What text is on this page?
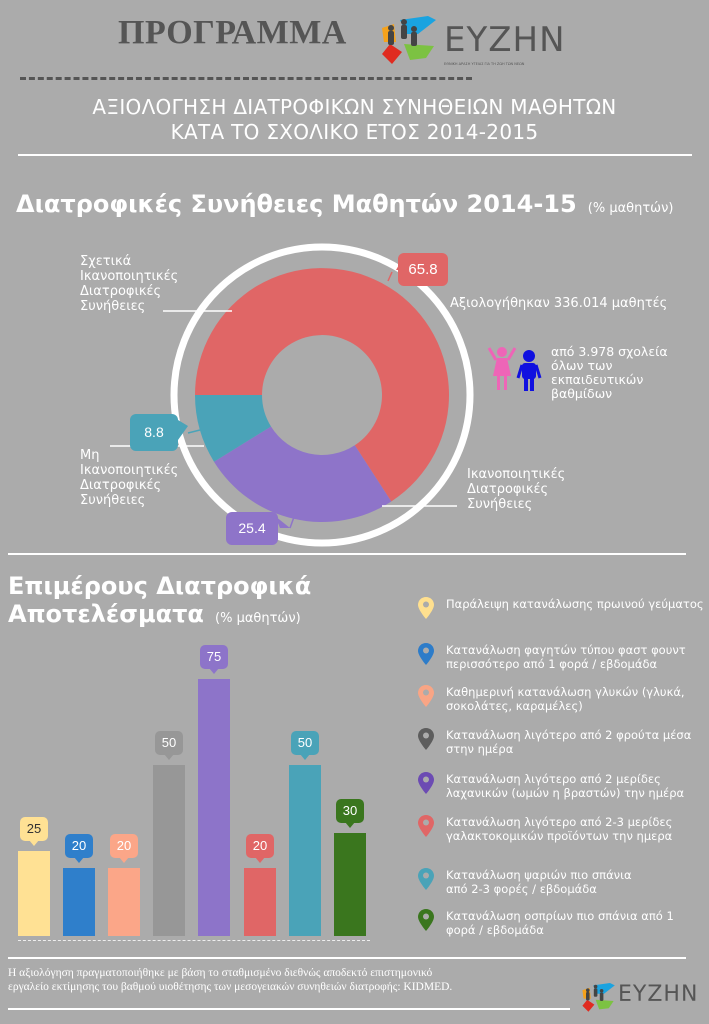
ΠΡΟΓΡΑΜΜΑ	ΕΥΖΗΝ
ΕΘΝΙΚΗ ΔΡΑΣΗ ΥΓΕΙΑΣ ΓΙΑ ΤΗ ΖΩΗ ΤΩΝ ΝΕΩΝ
ΑΞΙΟΛΟΓΗΣΗ ΔΙΑΤΡΟΦΙΚΩΝ ΣΥΝΗΘΕΙΩΝ ΜΑΘΗΤΩΝ
ΚΑΤΑ ΤΟ ΣΧΟΛΙΚΟ ΕΤΟΣ 2014-2015
Διατροφικές Συνήθειες Μαθητών 2014-15 (% μαθητών)
Σχετικά
Ικανοποιητικές
Διατροφικές
Συνήθειες
Μη
Ικανοποιητικές
Διατροφικές
Συνήθειες
Ικανοποιητικές
Διατροφικές
Συνήθειες
65.8
8.8
25.4
Αξιολογήθηκαν 336.014 μαθητές
από 3.978 σχολεία
όλων των
εκπαιδευτικών
βαθμίδων
Επιμέρους Διατροφικά
Αποτελέσματα (% μαθητών)
25
20	20
50
75
20
50
30
Παράλειψη κατανάλωσης πρωινού γεύματος
Κατανάλωση φαγητών τύπου φαστ φουντ περισσότερο από 1 φορά / εβδομάδα
Καθημερινή κατανάλωση γλυκών (γλυκά, σοκολάτες, καραμέλες)
Κατανάλωση λιγότερο από 2 φρούτα μέσα στην ημέρα
Κατανάλωση λιγότερο από 2 μερίδες λαχανικών (ωμών η βραστών) την ημέρα
Κατανάλωση λιγότερο από 2-3 μερίδες γαλακτοκομικών προϊόντων την ημερα
Κατανάλωση ψαριών πιο σπάνια από 2-3 φορές / εβδομάδα
Κατανάλωση οσπρίων πιο σπάνια από 1 φορά / εβδομάδα
Η αξιολόγηση πραγματοποιήθηκε με βάση το σταθμισμένο διεθνώς αποδεκτό επιστημονικό
εργαλείο εκτίμησης του βαθμού υιοθέτησης των μεσογειακών συνηθειών διατροφής: KIDMED.	ΕΥΖΗΝ
